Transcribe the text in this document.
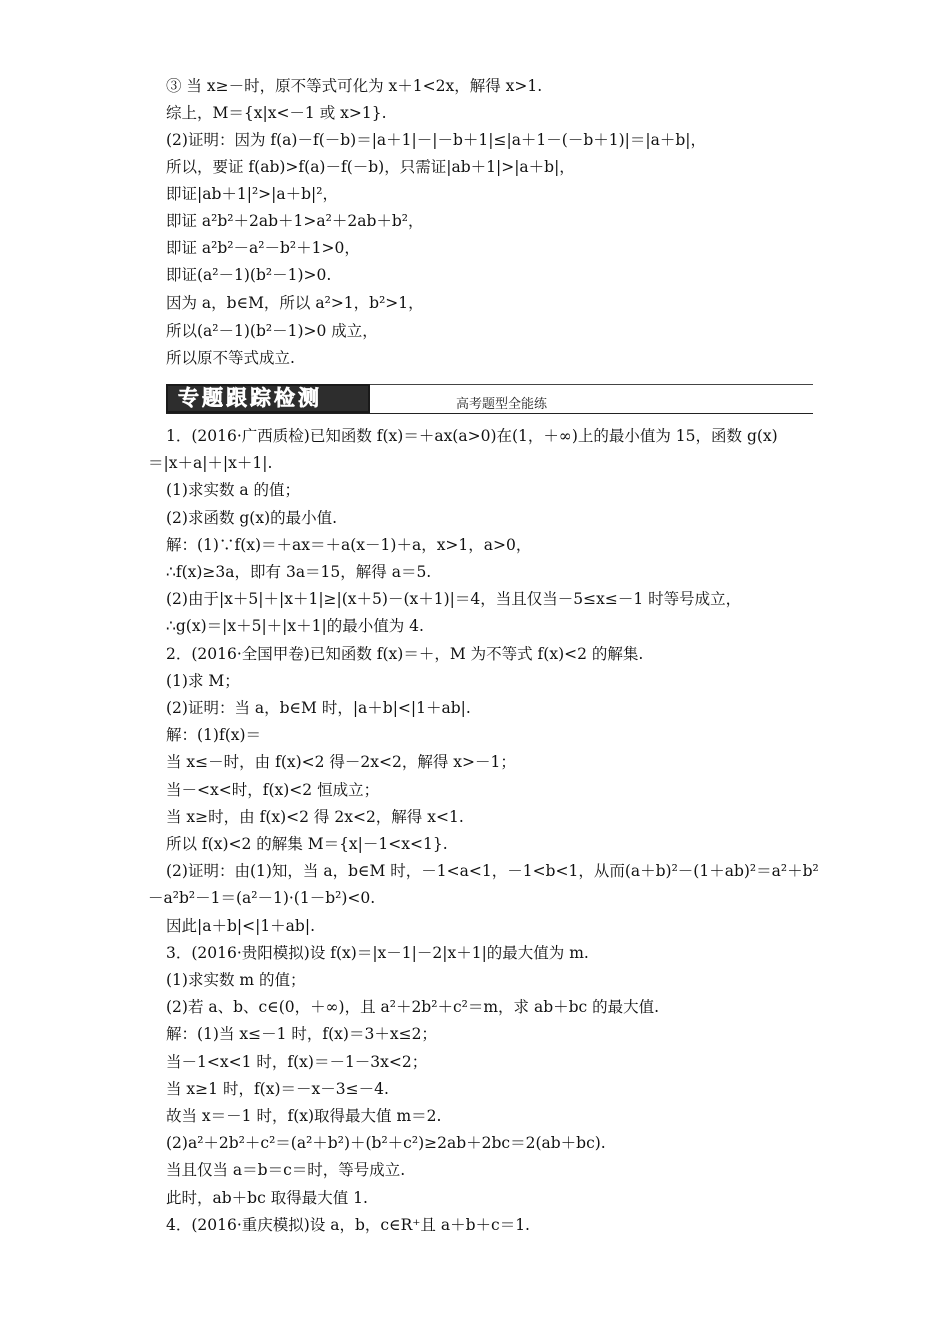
③ 当 x≥－时，原不等式可化为 x＋1<2x，解得 x>1.
综上，M＝{x|x<－1 或 x>1}.
(2)证明：因为 f(a)－f(－b)＝|a＋1|－|－b＋1|≤|a＋1－(－b＋1)|＝|a＋b|，
所以，要证 f(ab)>f(a)－f(－b)，只需证|ab＋1|>|a＋b|，
即证|ab＋1|²>|a＋b|²，
即证 a²b²＋2ab＋1>a²＋2ab＋b²，
即证 a²b²－a²－b²＋1>0，
即证(a²－1)(b²－1)>0.
因为 a，b∈M，所以 a²>1，b²>1，
所以(a²－1)(b²－1)>0 成立，
所以原不等式成立.
专题跟踪检测	高考题型全能练
1．(2016·广西质检)已知函数 f(x)＝＋ax(a>0)在(1，＋∞)上的最小值为 15，函数 g(x)
＝|x＋a|＋|x＋1|.
(1)求实数 a 的值；
(2)求函数 g(x)的最小值.
解：(1)∵f(x)＝＋ax＝＋a(x－1)＋a，x>1，a>0，
∴f(x)≥3a，即有 3a＝15，解得 a＝5.
(2)由于|x＋5|＋|x＋1|≥|(x＋5)－(x＋1)|＝4，当且仅当－5≤x≤－1 时等号成立，
∴g(x)＝|x＋5|＋|x＋1|的最小值为 4.
2．(2016·全国甲卷)已知函数 f(x)＝＋，M 为不等式 f(x)<2 的解集.
(1)求 M；
(2)证明：当 a，b∈M 时，|a＋b|<|1＋ab|.
解：(1)f(x)＝
当 x≤－时，由 f(x)<2 得－2x<2，解得 x>－1；
当－<x<时，f(x)<2 恒成立；
当 x≥时，由 f(x)<2 得 2x<2，解得 x<1.
所以 f(x)<2 的解集 M＝{x|－1<x<1}.
(2)证明：由(1)知，当 a，b∈M 时，－1<a<1，－1<b<1，从而(a＋b)²－(1＋ab)²＝a²＋b²
－a²b²－1＝(a²－1)·(1－b²)<0.
因此|a＋b|<|1＋ab|.
3．(2016·贵阳模拟)设 f(x)＝|x－1|－2|x＋1|的最大值为 m.
(1)求实数 m 的值；
(2)若 a、b、c∈(0，＋∞)，且 a²＋2b²＋c²＝m，求 ab＋bc 的最大值.
解：(1)当 x≤－1 时，f(x)＝3＋x≤2；
当－1<x<1 时，f(x)＝－1－3x<2；
当 x≥1 时，f(x)＝－x－3≤－4.
故当 x＝－1 时，f(x)取得最大值 m＝2.
(2)a²＋2b²＋c²＝(a²＋b²)＋(b²＋c²)≥2ab＋2bc＝2(ab＋bc).
当且仅当 a＝b＝c＝时，等号成立.
此时，ab＋bc 取得最大值 1.
4．(2016·重庆模拟)设 a，b，c∈R⁺且 a＋b＋c＝1.
